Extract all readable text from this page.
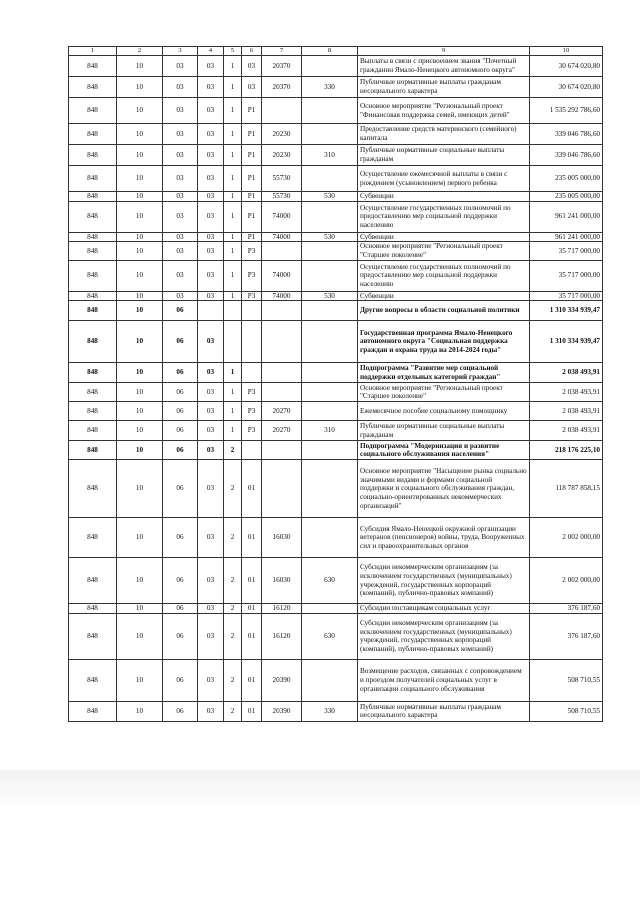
1	2	3	4	5	6	7	8	9	10
848	10	03	03	1	03	20370		Выплаты в связи с присвоением звания "Почетный гражданин Ямало-Ненецкого автономного округа"	30 674 020,80
848	10	03	03	1	03	20370	330	Публичные нормативные выплаты гражданам несоциального характера	30 674 020,80
848	10	03	03	1	P1			Основное мероприятие "Региональный проект "Финансовая поддержка семей, имеющих детей"	1 535 292 786,60
848	10	03	03	1	P1	20230		Предоставление средств материнского (семейного) капитала	339 046 786,60
848	10	03	03	1	P1	20230	310	Публичные нормативные социальные выплаты гражданам	339 046 786,60
848	10	03	03	1	P1	55730		Осуществление ежемесячной выплаты в связи с рождением (усыновлением) первого ребенка	235 005 000,00
848	10	03	03	1	P1	55730	530	Субвенции	235 005 000,00
848	10	03	03	1	P1	74000		Осуществление государственных полномочий по предоставлению мер социальной поддержки населению	961 241 000,00
848	10	03	03	1	P1	74000	530	Субвенции	961 241 000,00
848	10	03	03	1	P3			Основное мероприятие "Региональный проект "Старшее поколение"	35 717 000,00
848	10	03	03	1	P3	74000		Осуществление государственных полномочий по предоставлению мер социальной поддержки населению	35 717 000,00
848	10	03	03	1	P3	74000	530	Субвенции	35 717 000,00
848	10	06						Другие вопросы в области социальной политики	1 310 334 939,47
848	10	06	03					Государственная программа Ямало-Ненецкого автономного округа "Социальная поддержка граждан и охрана труда на 2014-2024 годы"	1 310 334 939,47
848	10	06	03	1				Подпрограмма "Развитие мер социальной поддержки отдельных категорий граждан"	2 038 493,91
848	10	06	03	1	P3			Основное мероприятие "Региональный проект "Старшее поколение"	2 038 493,91
848	10	06	03	1	P3	20270		Ежемесячное пособие социальному помощнику	2 038 493,91
848	10	06	03	1	P3	20270	310	Публичные нормативные социальные выплаты гражданам	2 038 493,91
848	10	06	03	2				Подпрограмма "Модернизация и развитие социального обслуживания населения"	218 176 225,10
848	10	06	03	2	01			Основное мероприятие "Насыщение рынка социально значимыми видами и формами социальной поддержки и социального обслуживания граждан, социально-ориентированных некоммерческих организаций"	118 787 858,15
848	10	06	03	2	01	16030		Субсидия Ямало-Ненецкой окружной организации ветеранов (пенсионеров) войны, труда, Вооруженных сил и правоохранительных органов	2 002 000,00
848	10	06	03	2	01	16030	630	Субсидии некоммерческим организациям (за исключением государственных (муниципальных) учреждений, государственных корпораций (компаний), публично-правовых компаний)	2 002 000,00
848	10	06	03	2	01	16120		Субсидии поставщикам социальных услуг	376 187,60
848	10	06	03	2	01	16120	630	Субсидии некоммерческим организациям (за исключением государственных (муниципальных) учреждений, государственных корпораций (компаний), публично-правовых компаний)	376 187,60
848	10	06	03	2	01	20390		Возмещение расходов, связанных с сопровождением и проездом получателей социальных услуг в организации социального обслуживания	508 710,55
848	10	06	03	2	01	20390	330	Публичные нормативные выплаты гражданам несоциального характера	508 710,55
